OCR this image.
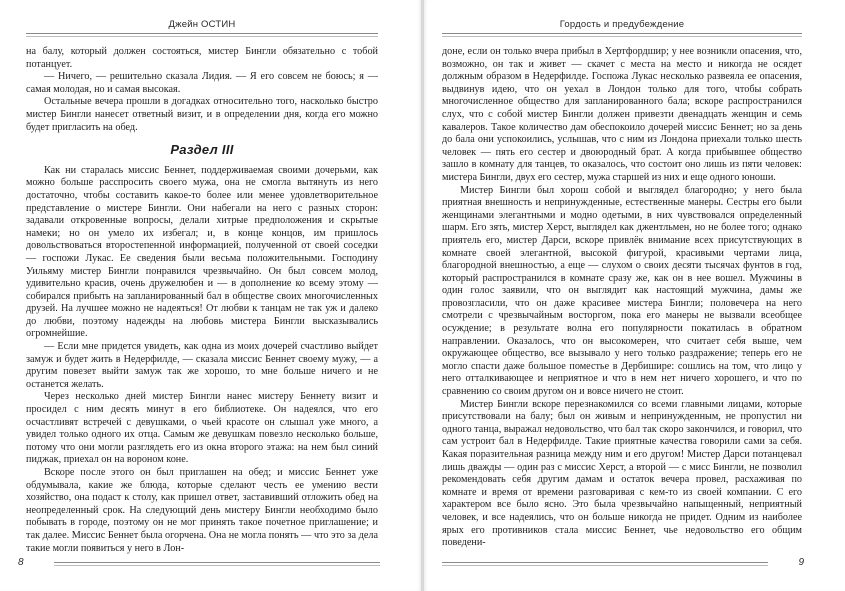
Джейн ОСТИН

на балу, который должен состояться, мистер Бингли обязательно с тобой потанцует.

— Ничего, — решительно сказала Лидия. — Я его совсем не боюсь; я — самая молодая, но и самая высокая.

Остальные вечера прошли в догадках относительно того, насколько быстро мистер Бингли нанесет ответный визит, и в определении дня, когда его можно будет пригласить на обед.

Раздел III

Как ни старалась миссис Беннет, поддерживаемая своими дочерьми, как можно больше расспросить своего мужа, она не смогла вытянуть из него достаточно, чтобы составить какое-то более или менее удовлетворительное представление о мистере Бингли. Они набегали на него с разных сторон: задавали откровенные вопросы, делали хитрые предположения и скрытые намеки; но он умело их избегал; и, в конце концов, им пришлось довольствоваться второстепенной информацией, полученной от своей соседки — госпожи Лукас. Ее сведения были весьма положительными. Господину Уильяму мистер Бингли понравился чрезвычайно. Он был совсем молод, удивительно красив, очень дружелюбен и — в дополнение ко всему этому — собирался прибыть на запланированный бал в обществе своих многочисленных друзей. На лучшее можно не надеяться! От любви к танцам не так уж и далеко до любви, поэтому надежды на любовь мистера Бингли высказывались огромнейшие.

— Если мне придется увидеть, как одна из моих дочерей счастливо выйдет замуж и будет жить в Недерфилде, — сказала миссис Беннет своему мужу, — а другим повезет выйти замуж так же хорошо, то мне больше ничего и не останется желать.

Через несколько дней мистер Бингли нанес мистеру Беннету визит и просидел с ним десять минут в его библиотеке. Он надеялся, что его осчастливят встречей с девушками, о чьей красоте он слышал уже много, а увидел только одного их отца. Самым же девушкам повезло несколько больше, потому что они могли разглядеть его из окна второго этажа: на нем был синий пиджак, приехал он на вороном коне.

Вскоре после этого он был приглашен на обед; и миссис Беннет уже обдумывала, какие же блюда, которые сделают честь ее умению вести хозяйство, она подаст к столу, как пришел ответ, заставивший отложить обед на неопределенный срок. На следующий день мистеру Бингли необходимо было побывать в городе, поэтому он не мог принять такое почетное приглашение; и так далее. Миссис Беннет была огорчена. Она не могла понять — что это за дела такие могли появиться у него в Лон-

8
Гордость и предубеждение

доне, если он только вчера прибыл в Хертфордшир; у нее возникли опасения, что, возможно, он так и живет — скачет с места на место и никогда не осядет должным образом в Недерфилде. Госпожа Лукас несколько развеяла ее опасения, выдвинув идею, что он уехал в Лондон только для того, чтобы собрать многочисленное общество для запланированного бала; вскоре распространился слух, что с собой мистер Бингли должен привезти двенадцать женщин и семь кавалеров. Такое количество дам обеспокоило дочерей миссис Беннет; но за день до бала они успокоились, услышав, что с ним из Лондона приехали только шесть человек — пять его сестер и двоюродный брат. А когда прибывшее общество зашло в комнату для танцев, то оказалось, что состоит оно лишь из пяти человек: мистера Бингли, двух его сестер, мужа старшей из них и еще одного юноши.

Мистер Бингли был хорош собой и выглядел благородно; у него была приятная внешность и непринужденные, естественные манеры. Сестры его были женщинами элегантными и модно одетыми, в них чувствовался определенный шарм. Его зять, мистер Херст, выглядел как джентльмен, но не более того; однако приятель его, мистер Дарси, вскоре привлёк внимание всех присутствующих в комнате своей элегантной, высокой фигурой, красивыми чертами лица, благородной внешностью, а еще — слухом о своих десяти тысячах фунтов в год, который распространился в комнате сразу же, как он в нее вошел. Мужчины в один голос заявили, что он выглядит как настоящий мужчина, дамы же провозгласили, что он даже красивее мистера Бингли; половечера на него смотрели с чрезвычайным восторгом, пока его манеры не вызвали всеобщее осуждение; в результате волна его популярности покатилась в обратном направлении. Оказалось, что он высокомерен, что считает себя выше, чем окружающее общество, все вызывало у него только раздражение; теперь его не могло спасти даже большое поместье в Дербишире: сошлись на том, что лицо у него отталкивающее и неприятное и что в нем нет ничего хорошего, и что по сравнению со своим другом он и вовсе ничего не стоит.

Мистер Бингли вскоре перезнакомился со всеми главными лицами, которые присутствовали на балу; был он живым и непринужденным, не пропустил ни одного танца, выражал недовольство, что бал так скоро закончился, и говорил, что сам устроит бал в Недерфилде. Такие приятные качества говорили сами за себя. Какая поразительная разница между ним и его другом! Мистер Дарси потанцевал лишь дважды — один раз с миссис Херст, а второй — с мисс Бингли, не позволил рекомендовать себя другим дамам и остаток вечера провел, расхаживая по комнате и время от времени разговаривая с кем-то из своей компании. С его характером все было ясно. Это была чрезвычайно напыщенный, неприятный человек, и все надеялись, что он больше никогда не придет. Одним из наиболее ярых его противников стала миссис Беннет, чье недовольство его общим поведени-

9
